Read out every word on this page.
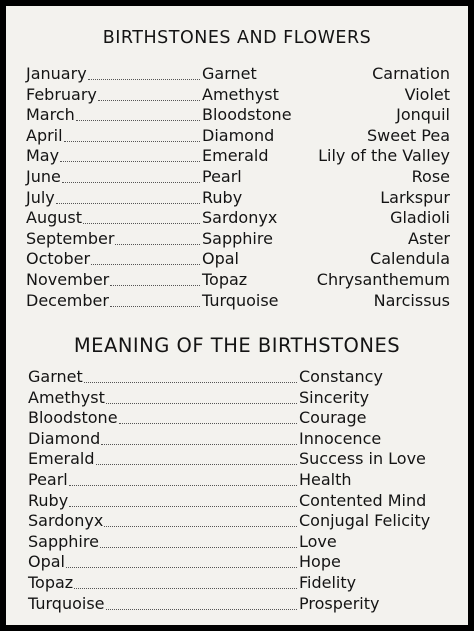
BIRTHSTONES AND FLOWERS
January	Garnet	Carnation
February	Amethyst	Violet
March	Bloodstone	Jonquil
April	Diamond	Sweet Pea
May	Emerald	Lily of the Valley
June	Pearl	Rose
July	Ruby	Larkspur
August	Sardonyx	Gladioli
September	Sapphire	Aster
October	Opal	Calendula
November	Topaz	Chrysanthemum
December	Turquoise	Narcissus
MEANING OF THE BIRTHSTONES
Garnet	Constancy
Amethyst	Sincerity
Bloodstone	Courage
Diamond	Innocence
Emerald	Success in Love
Pearl	Health
Ruby	Contented Mind
Sardonyx	Conjugal Felicity
Sapphire	Love
Opal	Hope
Topaz	Fidelity
Turquoise	Prosperity
